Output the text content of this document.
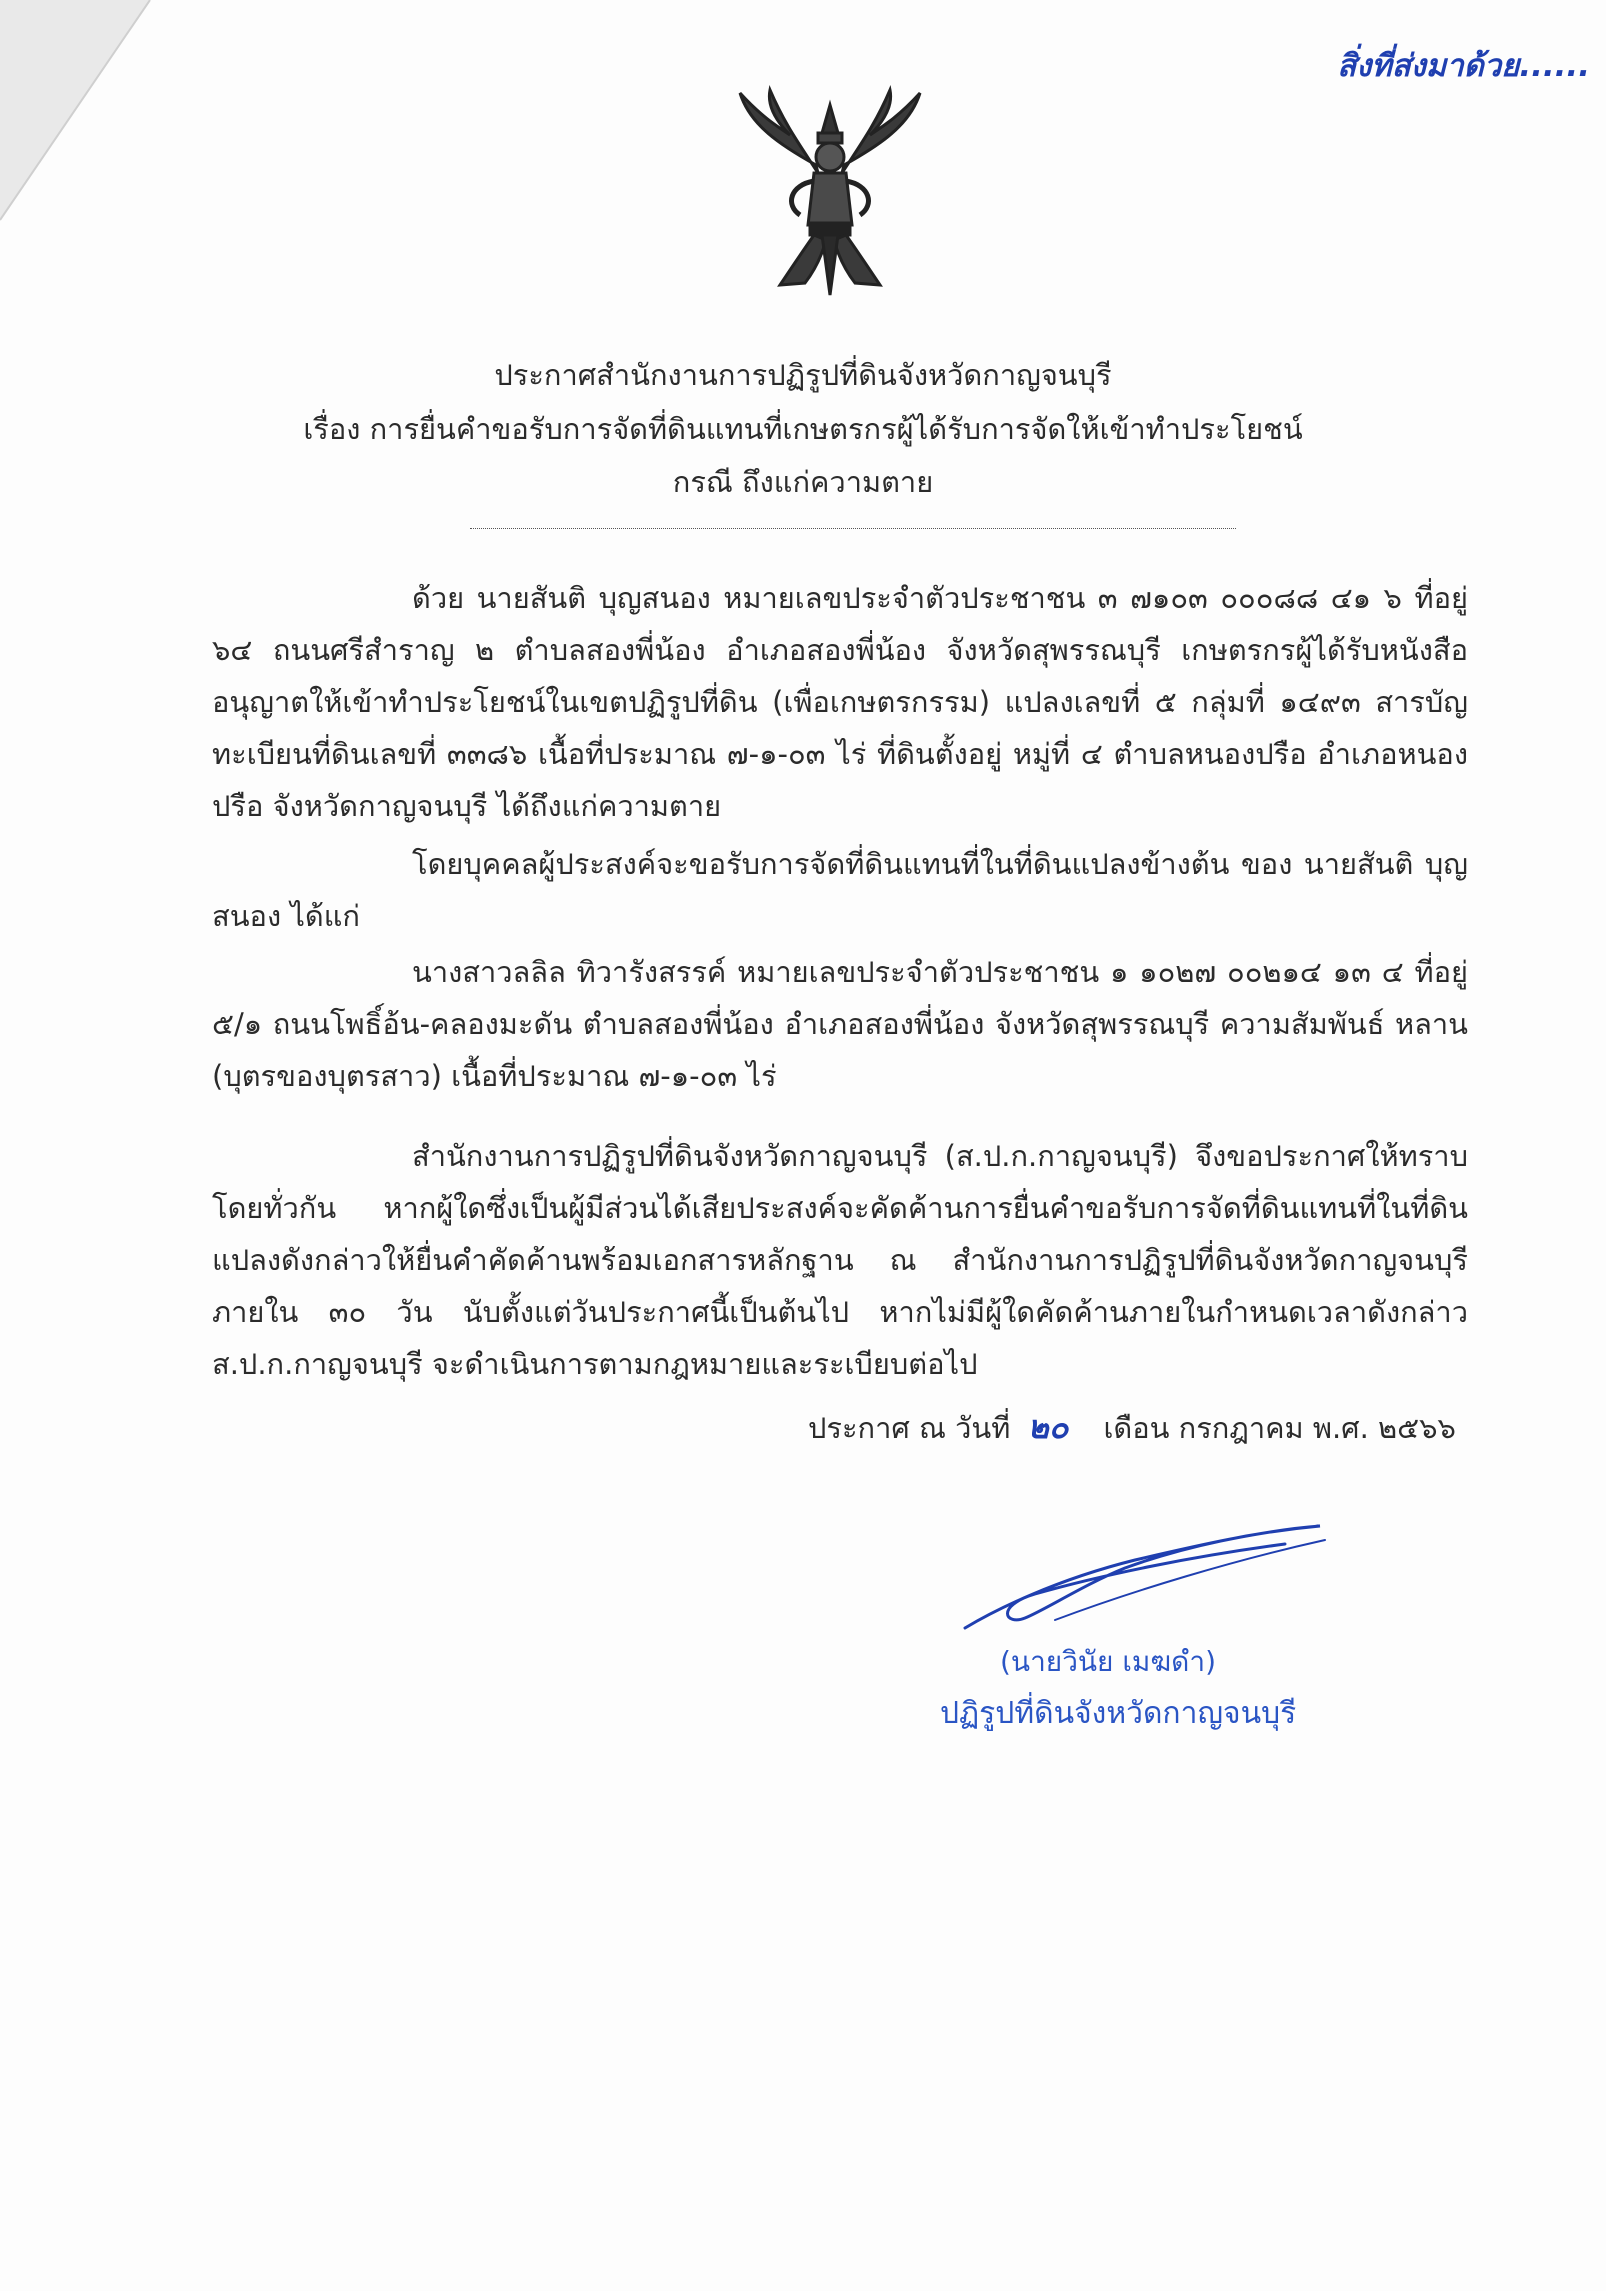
สิ่งที่ส่งมาด้วย......
ประกาศสำนักงานการปฏิรูปที่ดินจังหวัดกาญจนบุรี
เรื่อง การยื่นคำขอรับการจัดที่ดินแทนที่เกษตรกรผู้ได้รับการจัดให้เข้าทำประโยชน์
กรณี ถึงแก่ความตาย
ด้วย นายสันติ บุญสนอง หมายเลขประจำตัวประชาชน ๓ ๗๑๐๓ ๐๐๐๘๘ ๔๑ ๖ ที่อยู่ ๖๔ ถนนศรีสำราญ ๒ ตำบลสองพี่น้อง อำเภอสองพี่น้อง จังหวัดสุพรรณบุรี เกษตรกรผู้ได้รับหนังสืออนุญาตให้เข้าทำประโยชน์ในเขตปฏิรูปที่ดิน (เพื่อเกษตรกรรม) แปลงเลขที่ ๕ กลุ่มที่ ๑๔๙๓ สารบัญทะเบียนที่ดินเลขที่ ๓๓๘๖ เนื้อที่ประมาณ ๗-๑-๐๓ ไร่ ที่ดินตั้งอยู่ หมู่ที่ ๔ ตำบลหนองปรือ อำเภอหนองปรือ จังหวัดกาญจนบุรี ได้ถึงแก่ความตาย
โดยบุคคลผู้ประสงค์จะขอรับการจัดที่ดินแทนที่ในที่ดินแปลงข้างต้น ของ นายสันติ บุญสนอง ได้แก่
นางสาวลลิล ทิวารังสรรค์ หมายเลขประจำตัวประชาชน ๑ ๑๐๒๗ ๐๐๒๑๔ ๑๓ ๔ ที่อยู่ ๕/๑ ถนนโพธิ์อ้น-คลองมะดัน ตำบลสองพี่น้อง อำเภอสองพี่น้อง จังหวัดสุพรรณบุรี ความสัมพันธ์ หลาน (บุตรของบุตรสาว) เนื้อที่ประมาณ ๗-๑-๐๓ ไร่
สำนักงานการปฏิรูปที่ดินจังหวัดกาญจนบุรี (ส.ป.ก.กาญจนบุรี) จึงขอประกาศให้ทราบโดยทั่วกัน หากผู้ใดซึ่งเป็นผู้มีส่วนได้เสียประสงค์จะคัดค้านการยื่นคำขอรับการจัดที่ดินแทนที่ในที่ดิน แปลงดังกล่าวให้ยื่นคำคัดค้านพร้อมเอกสารหลักฐาน ณ สำนักงานการปฏิรูปที่ดินจังหวัดกาญจนบุรี ภายใน ๓๐ วัน นับตั้งแต่วันประกาศนี้เป็นต้นไป หากไม่มีผู้ใดคัดค้านภายในกำหนดเวลาดังกล่าว ส.ป.ก.กาญจนบุรี จะดำเนินการตามกฎหมายและระเบียบต่อไป
ประกาศ ณ วันที่ ๒๐ เดือน กรกฎาคม พ.ศ. ๒๕๖๖
(นายวินัย เมฆดำ)
ปฏิรูปที่ดินจังหวัดกาญจนบุรี
